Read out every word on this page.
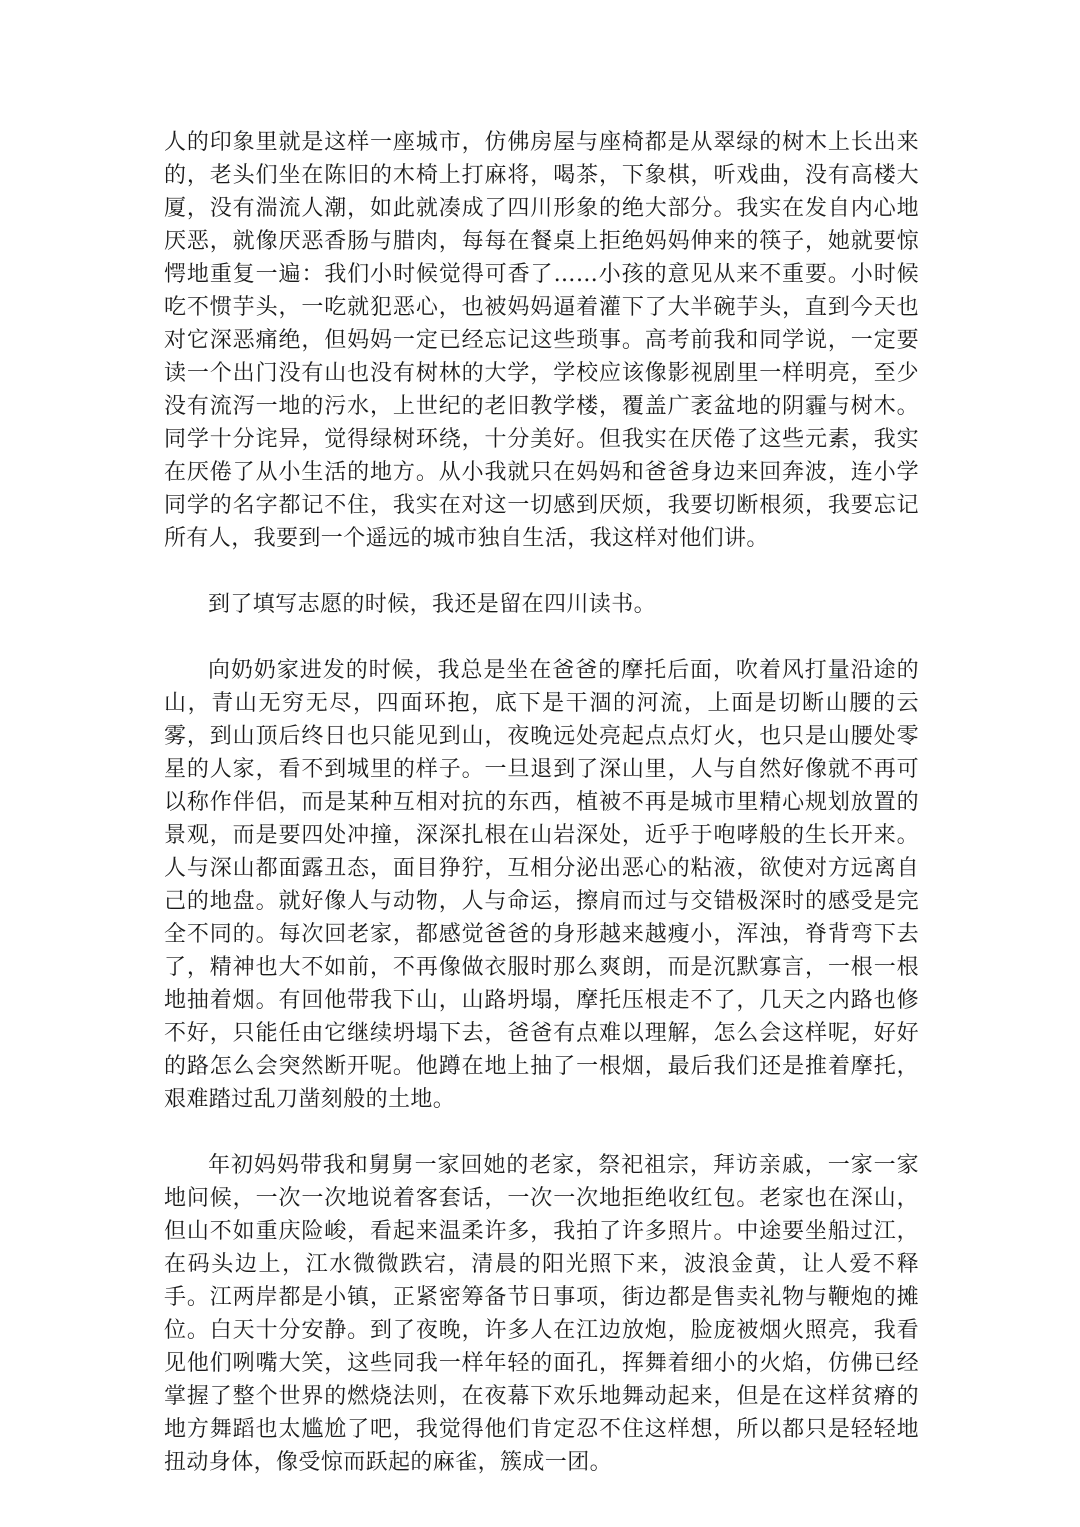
人的印象里就是这样一座城市，仿佛房屋与座椅都是从翠绿的树木上长出来的，老头们坐在陈旧的木椅上打麻将，喝茶，下象棋，听戏曲，没有高楼大厦，没有湍流人潮，如此就凑成了四川形象的绝大部分。我实在发自内心地厌恶，就像厌恶香肠与腊肉，每每在餐桌上拒绝妈妈伸来的筷子，她就要惊愕地重复一遍：我们小时候觉得可香了……小孩的意见从来不重要。小时候吃不惯芋头，一吃就犯恶心，也被妈妈逼着灌下了大半碗芋头，直到今天也对它深恶痛绝，但妈妈一定已经忘记这些琐事。高考前我和同学说，一定要读一个出门没有山也没有树林的大学，学校应该像影视剧里一样明亮，至少没有流泻一地的污水，上世纪的老旧教学楼，覆盖广袤盆地的阴霾与树木。同学十分诧异，觉得绿树环绕，十分美好。但我实在厌倦了这些元素，我实在厌倦了从小生活的地方。从小我就只在妈妈和爸爸身边来回奔波，连小学同学的名字都记不住，我实在对这一切感到厌烦，我要切断根须，我要忘记所有人，我要到一个遥远的城市独自生活，我这样对他们讲。

到了填写志愿的时候，我还是留在四川读书。

向奶奶家进发的时候，我总是坐在爸爸的摩托后面，吹着风打量沿途的山，青山无穷无尽，四面环抱，底下是干涸的河流，上面是切断山腰的云雾，到山顶后终日也只能见到山，夜晚远处亮起点点灯火，也只是山腰处零星的人家，看不到城里的样子。一旦退到了深山里，人与自然好像就不再可以称作伴侣，而是某种互相对抗的东西，植被不再是城市里精心规划放置的景观，而是要四处冲撞，深深扎根在山岩深处，近乎于咆哮般的生长开来。人与深山都面露丑态，面目狰狞，互相分泌出恶心的粘液，欲使对方远离自己的地盘。就好像人与动物，人与命运，擦肩而过与交错极深时的感受是完全不同的。每次回老家，都感觉爸爸的身形越来越瘦小，浑浊，脊背弯下去了，精神也大不如前，不再像做衣服时那么爽朗，而是沉默寡言，一根一根地抽着烟。有回他带我下山，山路坍塌，摩托压根走不了，几天之内路也修不好，只能任由它继续坍塌下去，爸爸有点难以理解，怎么会这样呢，好好的路怎么会突然断开呢。他蹲在地上抽了一根烟，最后我们还是推着摩托，艰难踏过乱刀凿刻般的土地。

年初妈妈带我和舅舅一家回她的老家，祭祀祖宗，拜访亲戚，一家一家地问候，一次一次地说着客套话，一次一次地拒绝收红包。老家也在深山，但山不如重庆险峻，看起来温柔许多，我拍了许多照片。中途要坐船过江，在码头边上，江水微微跌宕，清晨的阳光照下来，波浪金黄，让人爱不释手。江两岸都是小镇，正紧密筹备节日事项，街边都是售卖礼物与鞭炮的摊位。白天十分安静。到了夜晚，许多人在江边放炮，脸庞被烟火照亮，我看见他们咧嘴大笑，这些同我一样年轻的面孔，挥舞着细小的火焰，仿佛已经掌握了整个世界的燃烧法则，在夜幕下欢乐地舞动起来，但是在这样贫瘠的地方舞蹈也太尴尬了吧，我觉得他们肯定忍不住这样想，所以都只是轻轻地扭动身体，像受惊而跃起的麻雀，簇成一团。
